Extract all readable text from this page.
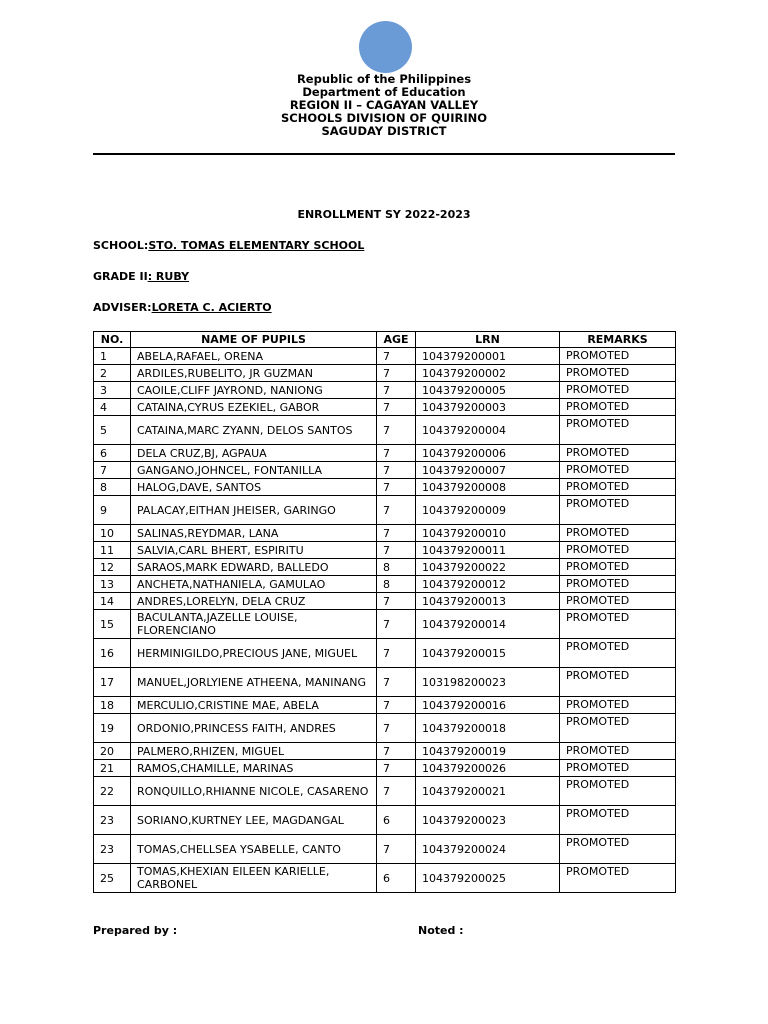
Republic of the Philippines
Department of Education
REGION II – CAGAYAN VALLEY
SCHOOLS DIVISION OF QUIRINO
SAGUDAY DISTRICT
ENROLLMENT SY 2022-2023
SCHOOL:STO. TOMAS ELEMENTARY SCHOOL
GRADE II: RUBY
ADVISER:LORETA C. ACIERTO
NO.	NAME OF PUPILS	AGE	LRN	REMARKS
1	ABELA,RAFAEL, ORENA	7	104379200001	PROMOTED
2	ARDILES,RUBELITO, JR GUZMAN	7	104379200002	PROMOTED
3	CAOILE,CLIFF JAYROND, NANIONG	7	104379200005	PROMOTED
4	CATAINA,CYRUS EZEKIEL, GABOR	7	104379200003	PROMOTED
5	CATAINA,MARC ZYANN, DELOS SANTOS	7	104379200004	PROMOTED
6	DELA CRUZ,BJ, AGPAUA	7	104379200006	PROMOTED
7	GANGANO,JOHNCEL, FONTANILLA	7	104379200007	PROMOTED
8	HALOG,DAVE, SANTOS	7	104379200008	PROMOTED
9	PALACAY,EITHAN JHEISER, GARINGO	7	104379200009	PROMOTED
10	SALINAS,REYDMAR, LANA	7	104379200010	PROMOTED
11	SALVIA,CARL BHERT, ESPIRITU	7	104379200011	PROMOTED
12	SARAOS,MARK EDWARD, BALLEDO	8	104379200022	PROMOTED
13	ANCHETA,NATHANIELA, GAMULAO	8	104379200012	PROMOTED
14	ANDRES,LORELYN, DELA CRUZ	7	104379200013	PROMOTED
15	BACULANTA,JAZELLE LOUISE, FLORENCIANO	7	104379200014	PROMOTED
16	HERMINIGILDO,PRECIOUS JANE, MIGUEL	7	104379200015	PROMOTED
17	MANUEL,JORLYIENE ATHEENA, MANINANG	7	103198200023	PROMOTED
18	MERCULIO,CRISTINE MAE, ABELA	7	104379200016	PROMOTED
19	ORDONIO,PRINCESS FAITH, ANDRES	7	104379200018	PROMOTED
20	PALMERO,RHIZEN, MIGUEL	7	104379200019	PROMOTED
21	RAMOS,CHAMILLE, MARINAS	7	104379200026	PROMOTED
22	RONQUILLO,RHIANNE NICOLE, CASARENO	7	104379200021	PROMOTED
23	SORIANO,KURTNEY LEE, MAGDANGAL	6	104379200023	PROMOTED
23	TOMAS,CHELLSEA YSABELLE, CANTO	7	104379200024	PROMOTED
25	TOMAS,KHEXIAN EILEEN KARIELLE, CARBONEL	6	104379200025	PROMOTED
Prepared by :	Noted :
